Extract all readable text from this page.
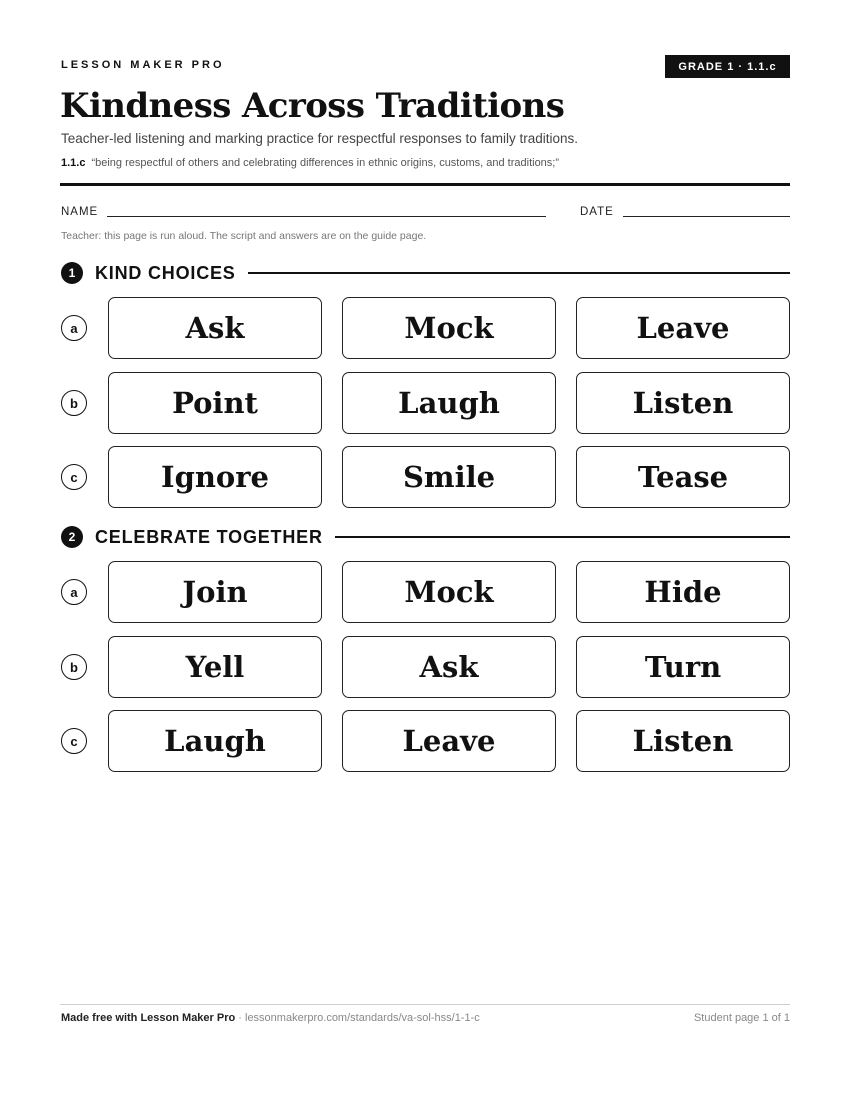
LESSON MAKER PRO	GRADE 1 · 1.1.c
Kindness Across Traditions
Teacher-led listening and marking practice for respectful responses to family traditions.
1.1.c “being respectful of others and celebrating differences in ethnic origins, customs, and traditions;”
NAME	DATE
Teacher: this page is run aloud. The script and answers are on the guide page.
1	KIND CHOICES
a	Ask	Mock	Leave
b	Point	Laugh	Listen
c	Ignore	Smile	Tease
2	CELEBRATE TOGETHER
a	Join	Mock	Hide
b	Yell	Ask	Turn
c	Laugh	Leave	Listen
Made free with Lesson Maker Pro · lessonmakerpro.com/standards/va-sol-hss/1-1-c	Student page 1 of 1
